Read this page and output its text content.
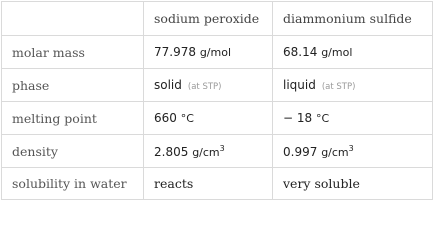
	sodium peroxide	diammonium sulfide
molar mass	77.978 g/mol	68.14 g/mol
phase	solid (at STP)	liquid (at STP)
melting point	660 °C	− 18 °C
density	2.805 $g/cm^3$	0.997 $g/cm^3$
solubility in water	reacts	very soluble
